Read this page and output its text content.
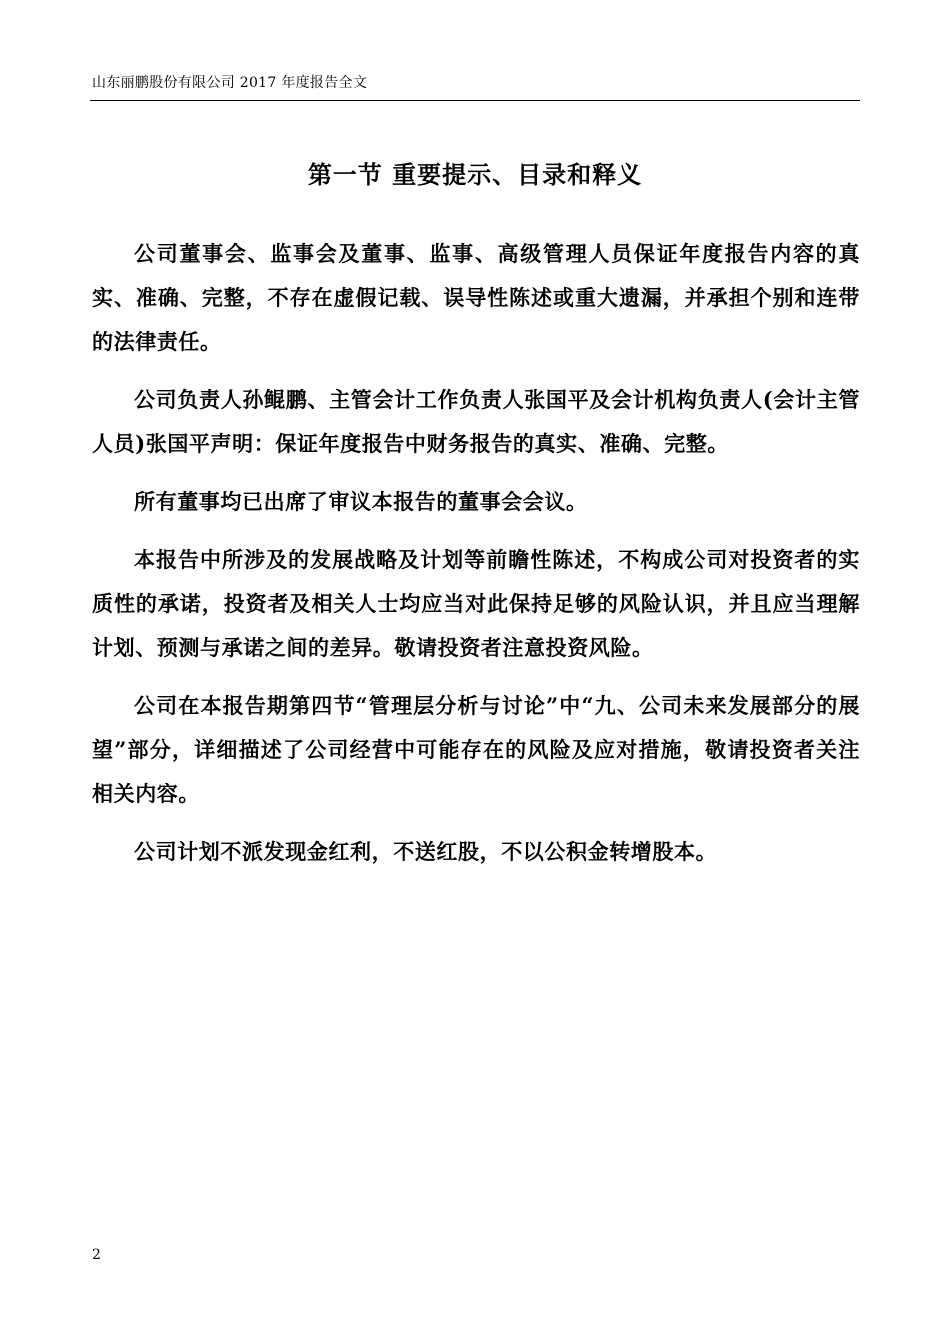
山东丽鹏股份有限公司 2017 年度报告全文
第一节 重要提示、目录和释义

公司董事会、监事会及董事、监事、高级管理人员保证年度报告内容的真实、准确、完整，不存在虚假记载、误导性陈述或重大遗漏，并承担个别和连带的法律责任。

公司负责人孙鲲鹏、主管会计工作负责人张国平及会计机构负责人(会计主管人员)张国平声明：保证年度报告中财务报告的真实、准确、完整。

所有董事均已出席了审议本报告的董事会会议。

本报告中所涉及的发展战略及计划等前瞻性陈述，不构成公司对投资者的实质性的承诺，投资者及相关人士均应当对此保持足够的风险认识，并且应当理解计划、预测与承诺之间的差异。敬请投资者注意投资风险。

公司在本报告期第四节“管理层分析与讨论”中“九、公司未来发展部分的展望”部分，详细描述了公司经营中可能存在的风险及应对措施，敬请投资者关注相关内容。

公司计划不派发现金红利，不送红股，不以公积金转增股本。

2
